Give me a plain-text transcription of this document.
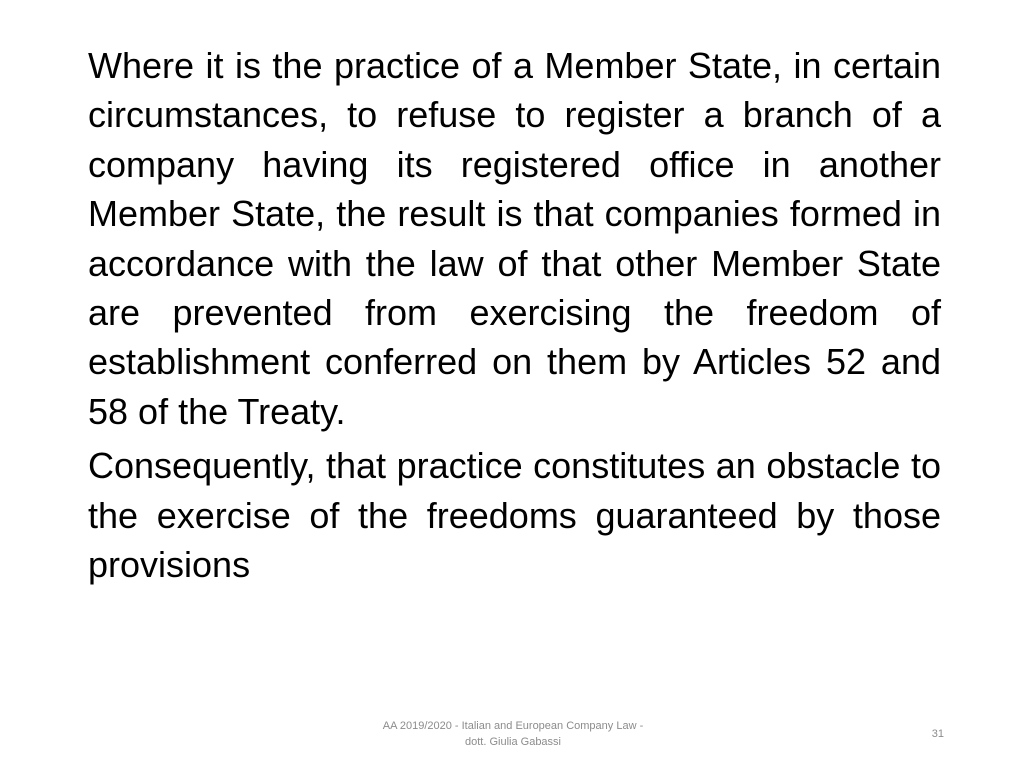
Where it is the practice of a Member State, in certain circumstances, to refuse to register a branch of a company having its registered office in another Member State, the result is that companies formed in accordance with the law of that other Member State are prevented from exercising the freedom of establishment conferred on them by Articles 52 and 58 of the Treaty.

Consequently, that practice constitutes an obstacle to the exercise of the freedoms guaranteed by those provisions

AA 2019/2020 - Italian and European Company Law -
dott. Giulia Gabassi
31
